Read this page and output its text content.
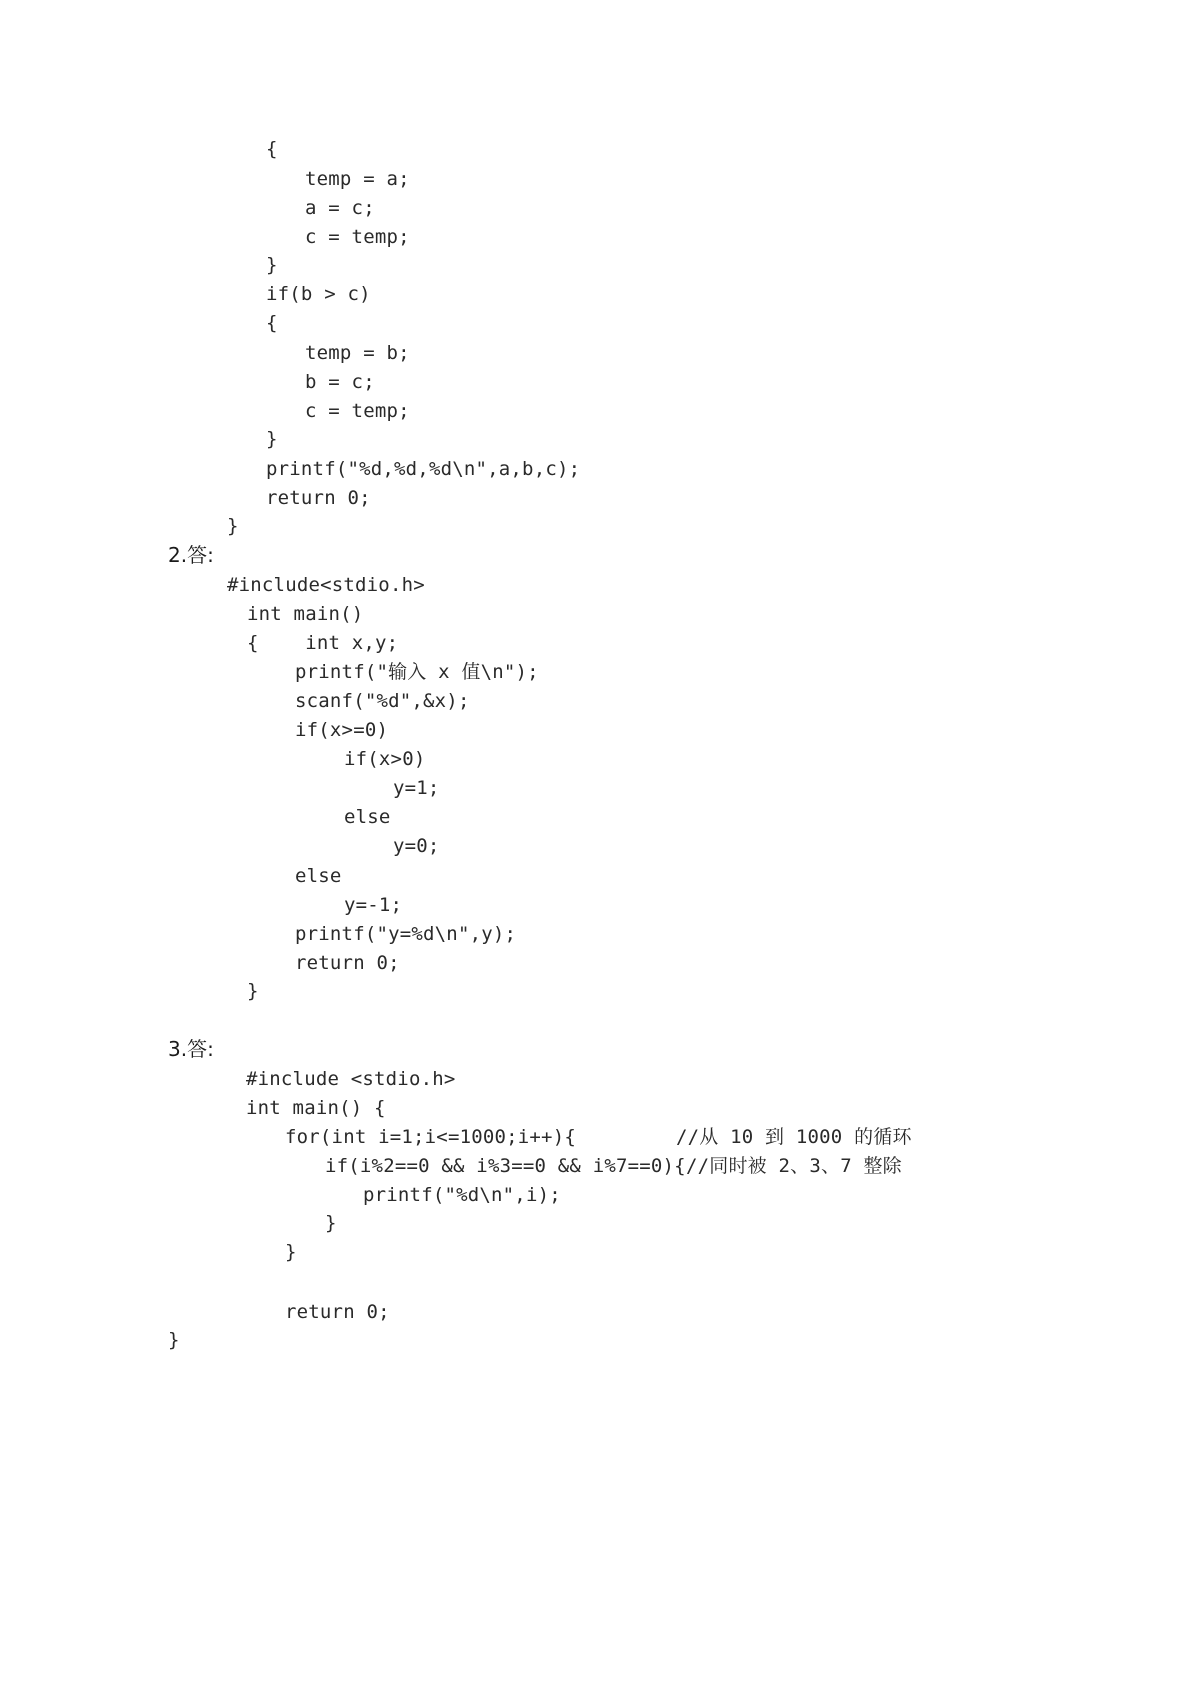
{
temp = a;
a = c;
c = temp;
}
if(b > c)
{
temp = b;
b = c;
c = temp;
}
printf("%d,%d,%d\n",a,b,c);
return 0;
}
2.答:
#include<stdio.h>
int main()
{    int x,y;
printf("输入 x 值\n");
scanf("%d",&x);
if(x>=0)
if(x>0)
y=1;
else
y=0;
else
y=-1;
printf("y=%d\n",y);
return 0;
}
3.答:
#include <stdio.h>
int main() {
for(int i=1;i<=1000;i++){	//从 10 到 1000 的循环
if(i%2==0 && i%3==0 && i%7==0){ //同时被 2、3、7 整除
printf("%d\n",i);
}
}
return 0;
}
